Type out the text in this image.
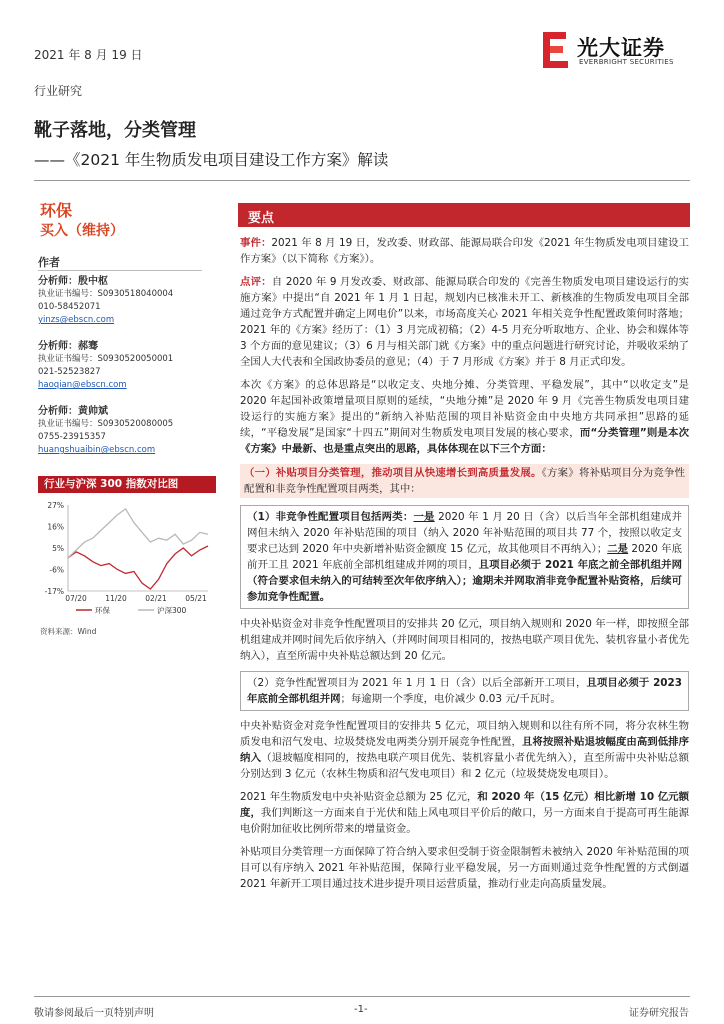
2021 年 8 月 19 日	光大证券
EVERBRIGHT SECURITIES
行业研究
靴子落地，分类管理
——《2021 年生物质发电项目建设工作方案》解读
环保
买入（维持）
作者
分析师：殷中枢
执业证书编号：S0930518040004
010-58452071
yinzs@ebscn.com
分析师：郝骞
执业证书编号：S0930520050001
021-52523827
haoqian@ebscn.com
分析师：黄帅斌
执业证书编号：S0930520080005
0755-23915357
huangshuaibin@ebscn.com
行业与沪深 300 指数对比图
27%
16%
5%
-6%
-17%
07/20 11/20 02/21 05/21
环保	沪深300
资料来源：Wind
要点

事件：2021 年 8 月 19 日，发改委、财政部、能源局联合印发《2021 年生物质发电项目建设工作方案》（以下简称《方案》）。

点评：自 2020 年 9 月发改委、财政部、能源局联合印发的《完善生物质发电项目建设运行的实施方案》中提出“自 2021 年 1 月 1 日起，规划内已核准未开工、新核准的生物质发电项目全部通过竞争方式配置并确定上网电价”以来，市场高度关心 2021 年相关竞争性配置政策何时落地；2021 年的《方案》经历了：（1）3 月完成初稿；（2）4-5 月充分听取地方、企业、协会和媒体等 3 个方面的意见建议；（3）6 月与相关部门就《方案》中的重点问题进行研究讨论，并吸收采纳了全国人大代表和全国政协委员的意见；（4）于 7 月形成《方案》并于 8 月正式印发。

本次《方案》的总体思路是“以收定支、央地分摊、分类管理、平稳发展”，其中“以收定支”是 2020 年起国补政策增量项目原则的延续，“央地分摊”是 2020 年 9 月《完善生物质发电项目建设运行的实施方案》提出的“新纳入补贴范围的项目补贴资金由中央地方共同承担”思路的延续，“平稳发展”是国家“十四五”期间对生物质发电项目发展的核心要求，而“分类管理”则是本次《方案》中最新、也是重点突出的思路，具体体现在以下三个方面：

（一）补贴项目分类管理，推动项目从快速增长到高质量发展。《方案》将补贴项目分为竞争性配置和非竞争性配置项目两类，其中：

（1）非竞争性配置项目包括两类：一是 2020 年 1 月 20 日（含）以后当年全部机组建成并网但未纳入 2020 年补贴范围的项目（纳入 2020 年补贴范围的项目共 77 个，按照以收定支要求已达到 2020 年中央新增补贴资金额度 15 亿元，故其他项目不再纳入）；二是 2020 年底前开工且 2021 年底前全部机组建成并网的项目，且项目必须于 2021 年底之前全部机组并网（符合要求但未纳入的可结转至次年依序纳入）；逾期未并网取消非竞争配置补贴资格，后续可参加竞争性配置。

中央补贴资金对非竞争性配置项目的安排共 20 亿元，项目纳入规则和 2020 年一样，即按照全部机组建成并网时间先后依序纳入（并网时间项目相同的，按热电联产项目优先、装机容量小者优先纳入），直至所需中央补贴总额达到 20 亿元。

（2）竞争性配置项目为 2021 年 1 月 1 日（含）以后全部新开工项目，且项目必须于 2023 年底前全部机组并网；每逾期一个季度，电价减少 0.03 元/千瓦时。

中央补贴资金对竞争性配置项目的安排共 5 亿元，项目纳入规则和以往有所不同，将分农林生物质发电和沼气发电、垃圾焚烧发电两类分别开展竞争性配置，且将按照补贴退坡幅度由高到低排序纳入（退坡幅度相同的，按热电联产项目优先、装机容量小者优先纳入），直至所需中央补贴总额分别达到 3 亿元（农林生物质和沼气发电项目）和 2 亿元（垃圾焚烧发电项目）。

2021 年生物质发电中央补贴资金总额为 25 亿元，和 2020 年（15 亿元）相比新增 10 亿元额度，我们判断这一方面来自于光伏和陆上风电项目平价后的敞口，另一方面来自于提高可再生能源电价附加征收比例所带来的增量资金。

补贴项目分类管理一方面保障了符合纳入要求但受制于资金限制暂未被纳入 2020 年补贴范围的项目可以有序纳入 2021 年补贴范围，保障行业平稳发展，另一方面则通过竞争性配置的方式倒逼 2021 年新开工项目通过技术进步提升项目运营质量，推动行业走向高质量发展。

敬请参阅最后一页特别声明	-1-	证券研究报告
